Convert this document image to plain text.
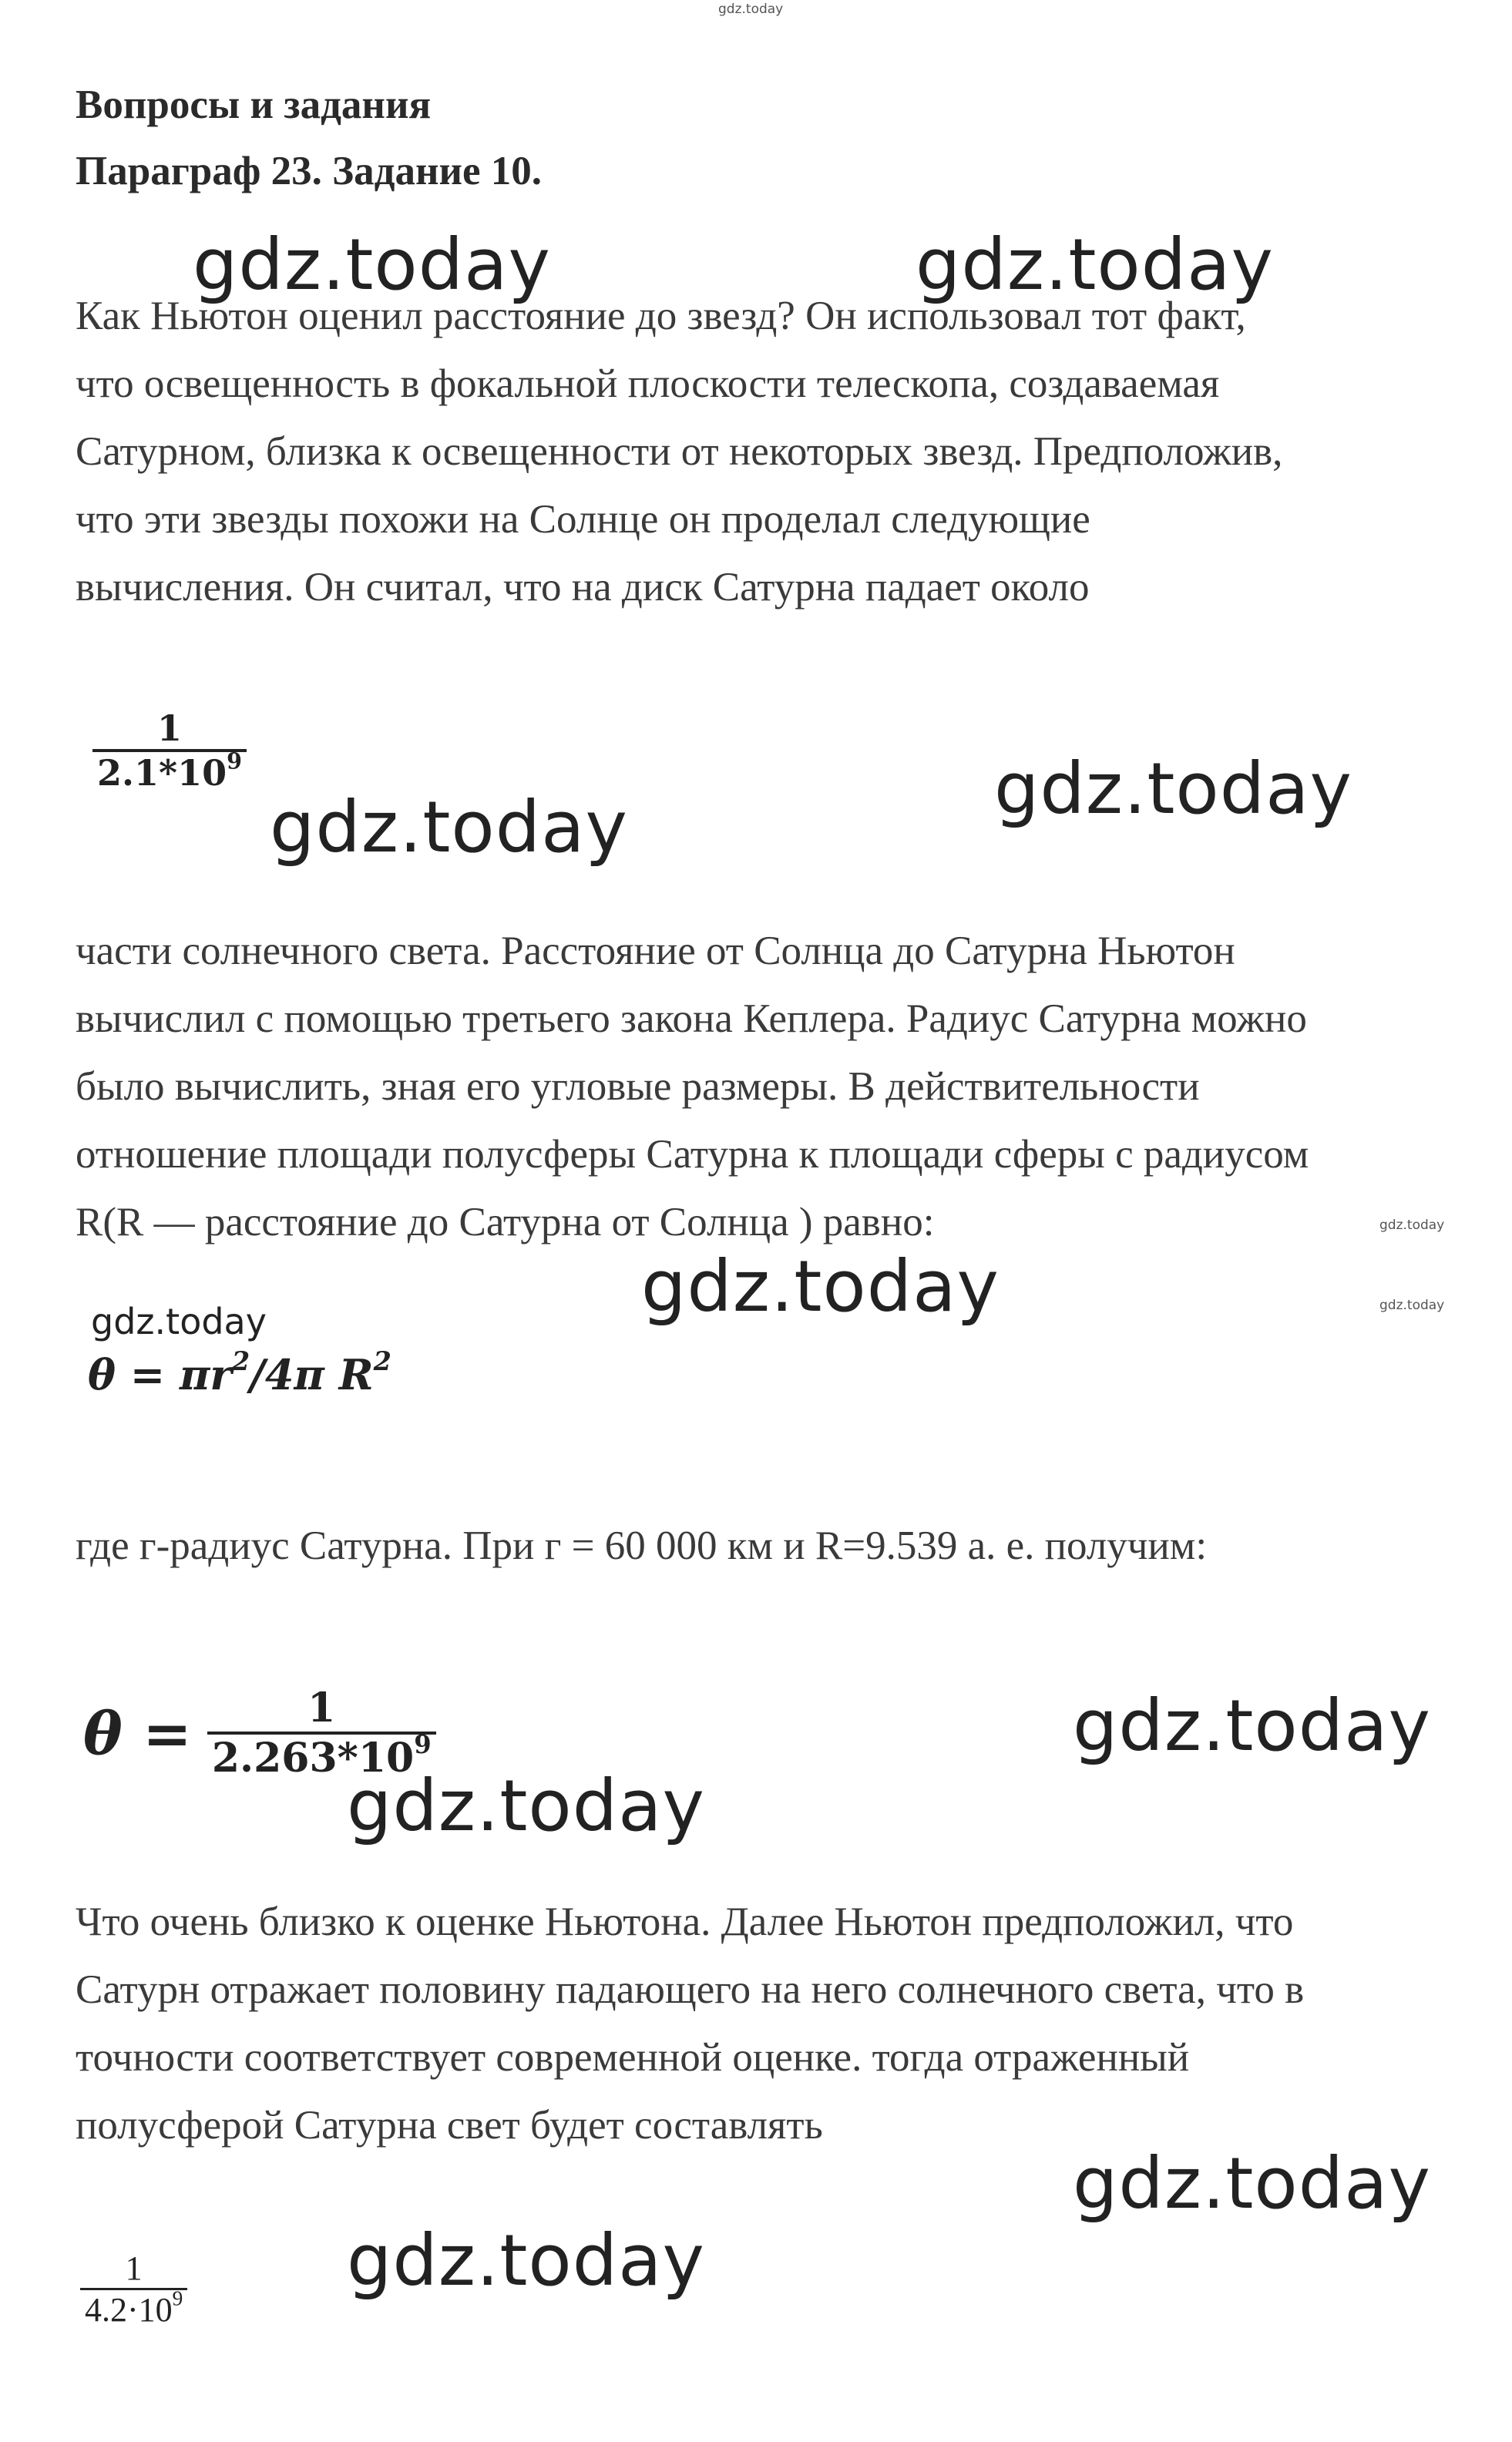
gdz.today
Вопросы и задания
Параграф 23. Задание 10.
gdz.today	gdz.today
Как Ньютон оценил расстояние до звезд? Он использовал тот факт,
что освещенность в фокальной плоскости телескопа, создаваемая
Сатурном, близка к освещенности от некоторых звезд. Предположив,
что эти звезды похожи на Солнце он проделал следующие
вычисления. Он считал, что на диск Сатурна падает около
$\frac{1}{2.1*10^9}$
gdz.today	gdz.today
части солнечного света. Расстояние от Солнца до Сатурна Ньютон
вычислил с помощью третьего закона Кеплера. Радиус Сатурна можно
было вычислить, зная его угловые размеры. В действительности
отношение площади полусферы Сатурна к площади сферы с радиусом
R(R — расстояние до Сатурна от Солнца ) равно:	gdz.today
gdz.today	gdz.today
gdz.today
$\theta = \pi r^2/4\pi$ $R^2$
где г-радиус Сатурна. При г = 60 000 км и R=9.539 а. е. получим:
$\theta = \frac{1}{2.263*10^9}$	gdz.today
gdz.today
Что очень близко к оценке Ньютона. Далее Ньютон предположил, что
Сатурн отражает половину падающего на него солнечного света, что в
точности соответствует современной оценке. тогда отраженный
полусферой Сатурна свет будет составлять
gdz.today
gdz.today
$\frac{1}{4.2\cdot 10^9}$
